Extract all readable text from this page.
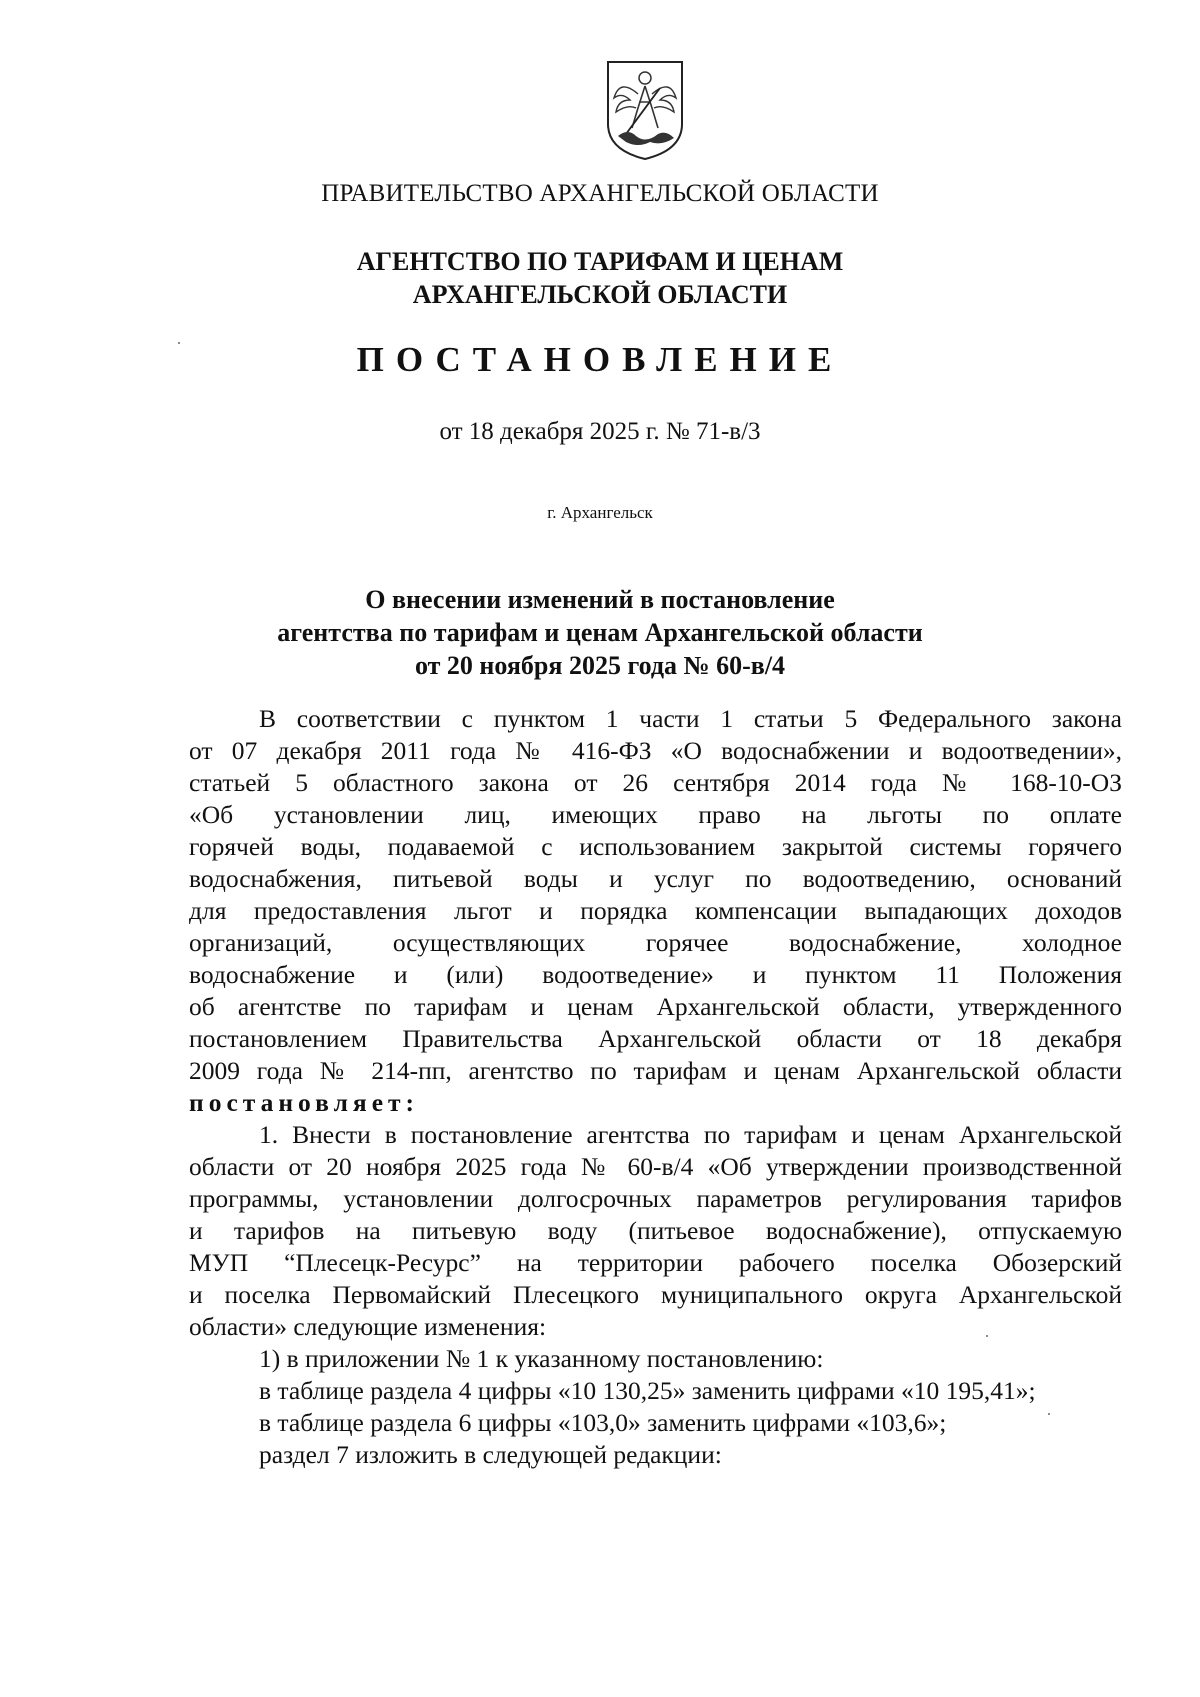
ПРАВИТЕЛЬСТВО АРХАНГЕЛЬСКОЙ ОБЛАСТИ
АГЕНТСТВО ПО ТАРИФАМ И ЦЕНАМ
АРХАНГЕЛЬСКОЙ ОБЛАСТИ
ПОСТАНОВЛЕНИЕ
от 18 декабря 2025 г. № 71-в/3
г. Архангельск
О внесении изменений в постановление
агентства по тарифам и ценам Архангельской области
от 20 ноября 2025 года № 60-в/4
В соответствии с пунктом 1 части 1 статьи 5 Федерального закона
от 07 декабря 2011 года № 416-ФЗ «О водоснабжении и водоотведении»,
статьей 5 областного закона от 26 сентября 2014 года № 168-10-ОЗ
«Об установлении лиц, имеющих право на льготы по оплате
горячей воды, подаваемой с использованием закрытой системы горячего
водоснабжения, питьевой воды и услуг по водоотведению, оснований
для предоставления льгот и порядка компенсации выпадающих доходов
организаций, осуществляющих горячее водоснабжение, холодное
водоснабжение и (или) водоотведение» и пунктом 11 Положения
об агентстве по тарифам и ценам Архангельской области, утвержденного
постановлением Правительства Архангельской области от 18 декабря
2009 года № 214-пп, агентство по тарифам и ценам Архангельской области
постановляет:
1. Внести в постановление агентства по тарифам и ценам Архангельской
области от 20 ноября 2025 года № 60-в/4 «Об утверждении производственной
программы, установлении долгосрочных параметров регулирования тарифов
и тарифов на питьевую воду (питьевое водоснабжение), отпускаемую
МУП “Плесецк-Ресурс” на территории рабочего поселка Обозерский
и поселка Первомайский Плесецкого муниципального округа Архангельской
области» следующие изменения:
1) в приложении № 1 к указанному постановлению:
в таблице раздела 4 цифры «10 130,25» заменить цифрами «10 195,41»;
в таблице раздела 6 цифры «103,0» заменить цифрами «103,6»;
раздел 7 изложить в следующей редакции:
